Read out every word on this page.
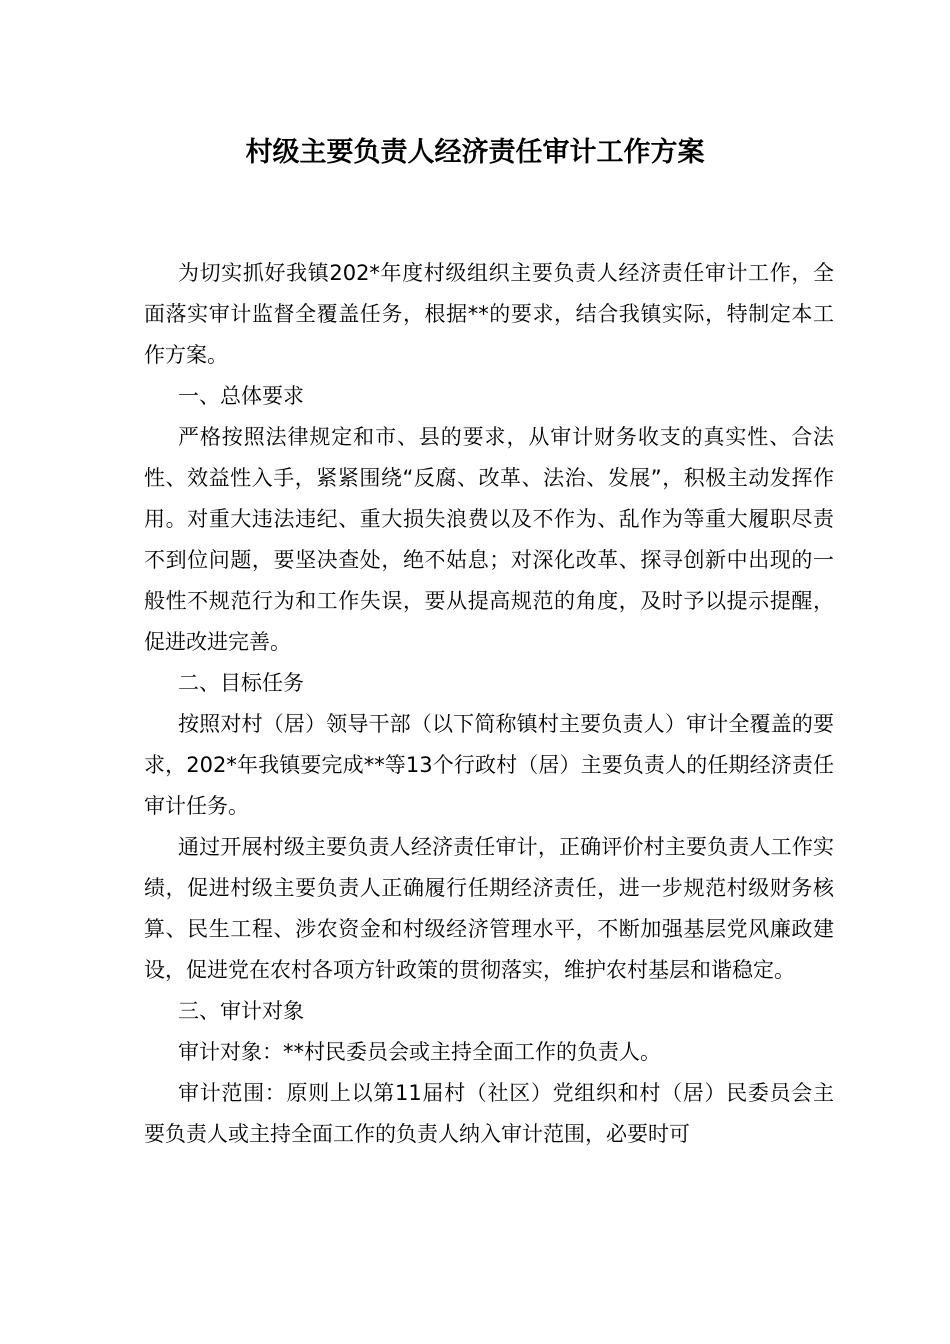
村级主要负责人经济责任审计工作方案

为切实抓好我镇202*年度村级组织主要负责人经济责任审计工作，全面落实审计监督全覆盖任务，根据**的要求，结合我镇实际，特制定本工作方案。

一、总体要求

严格按照法律规定和市、县的要求，从审计财务收支的真实性、合法性、效益性入手，紧紧围绕“反腐、改革、法治、发展”，积极主动发挥作用。对重大违法违纪、重大损失浪费以及不作为、乱作为等重大履职尽责不到位问题，要坚决查处，绝不姑息；对深化改革、探寻创新中出现的一般性不规范行为和工作失误，要从提高规范的角度，及时予以提示提醒，促进改进完善。

二、目标任务

按照对村（居）领导干部（以下简称镇村主要负责人）审计全覆盖的要求，202*年我镇要完成**等13个行政村（居）主要负责人的任期经济责任审计任务。

通过开展村级主要负责人经济责任审计，正确评价村主要负责人工作实绩，促进村级主要负责人正确履行任期经济责任，进一步规范村级财务核算、民生工程、涉农资金和村级经济管理水平，不断加强基层党风廉政建设，促进党在农村各项方针政策的贯彻落实，维护农村基层和谐稳定。

三、审计对象

审计对象：**村民委员会或主持全面工作的负责人。

审计范围：原则上以第11届村（社区）党组织和村（居）民委员会主要负责人或主持全面工作的负责人纳入审计范围，必要时可
